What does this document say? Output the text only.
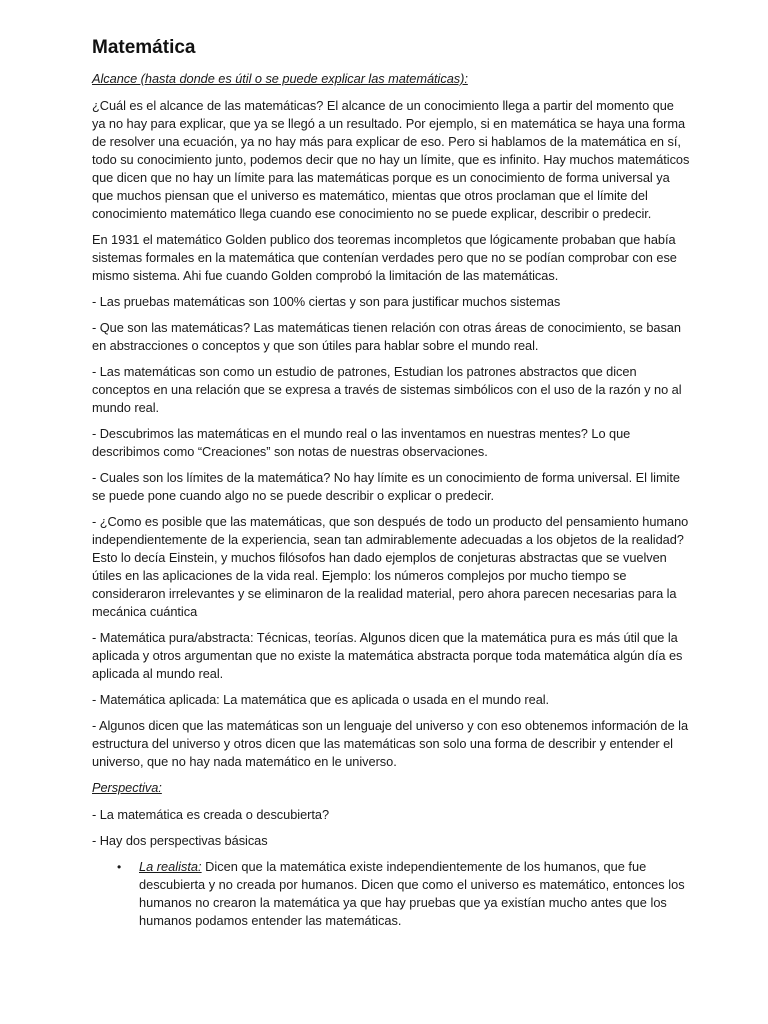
Matemática

Alcance (hasta donde es útil o se puede explicar las matemáticas):

¿Cuál es el alcance de las matemáticas? El alcance de un conocimiento llega a partir del momento que ya no hay para explicar, que ya se llegó a un resultado. Por ejemplo, si en matemática se haya una forma de resolver una ecuación, ya no hay más para explicar de eso. Pero si hablamos de la matemática en sí, todo su conocimiento junto, podemos decir que no hay un límite, que es infinito. Hay muchos matemáticos que dicen que no hay un límite para las matemáticas porque es un conocimiento de forma universal ya que muchos piensan que el universo es matemático, mientas que otros proclaman que el límite del conocimiento matemático llega cuando ese conocimiento no se puede explicar, describir o predecir.

En 1931 el matemático Golden publico dos teoremas incompletos que lógicamente probaban que había sistemas formales en la matemática que contenían verdades pero que no se podían comprobar con ese mismo sistema. Ahi fue cuando Golden comprobó la limitación de las matemáticas.

- Las pruebas matemáticas son 100% ciertas y son para justificar muchos sistemas

- Que son las matemáticas? Las matemáticas tienen relación con otras áreas de conocimiento, se basan en abstracciones o conceptos y que son útiles para hablar sobre el mundo real.

- Las matemáticas son como un estudio de patrones, Estudian los patrones abstractos que dicen conceptos en una relación que se expresa a través de sistemas simbólicos con el uso de la razón y no al mundo real.

- Descubrimos las matemáticas en el mundo real o las inventamos en nuestras mentes? Lo que describimos como “Creaciones” son notas de nuestras observaciones.

- Cuales son los límites de la matemática? No hay límite es un conocimiento de forma universal. El limite se puede pone cuando algo no se puede describir o explicar o predecir.

- ¿Como es posible que las matemáticas, que son después de todo un producto del pensamiento humano independientemente de la experiencia, sean tan admirablemente adecuadas a los objetos de la realidad? Esto lo decía Einstein, y muchos filósofos han dado ejemplos de conjeturas abstractas que se vuelven útiles en las aplicaciones de la vida real. Ejemplo: los números complejos por mucho tiempo se consideraron irrelevantes y se eliminaron de la realidad material, pero ahora parecen necesarias para la mecánica cuántica

- Matemática pura/abstracta: Técnicas, teorías. Algunos dicen que la matemática pura es más útil que la aplicada y otros argumentan que no existe la matemática abstracta porque toda matemática algún día es aplicada al mundo real.

- Matemática aplicada: La matemática que es aplicada o usada en el mundo real.

- Algunos dicen que las matemáticas son un lenguaje del universo y con eso obtenemos información de la estructura del universo y otros dicen que las matemáticas son solo una forma de describir y entender el universo, que no hay nada matemático en le universo.

Perspectiva:

- La matemática es creada o descubierta?

- Hay dos perspectivas básicas

• La realista: Dicen que la matemática existe independientemente de los humanos, que fue descubierta y no creada por humanos. Dicen que como el universo es matemático, entonces los humanos no crearon la matemática ya que hay pruebas que ya existían mucho antes que los humanos podamos entender las matemáticas.
